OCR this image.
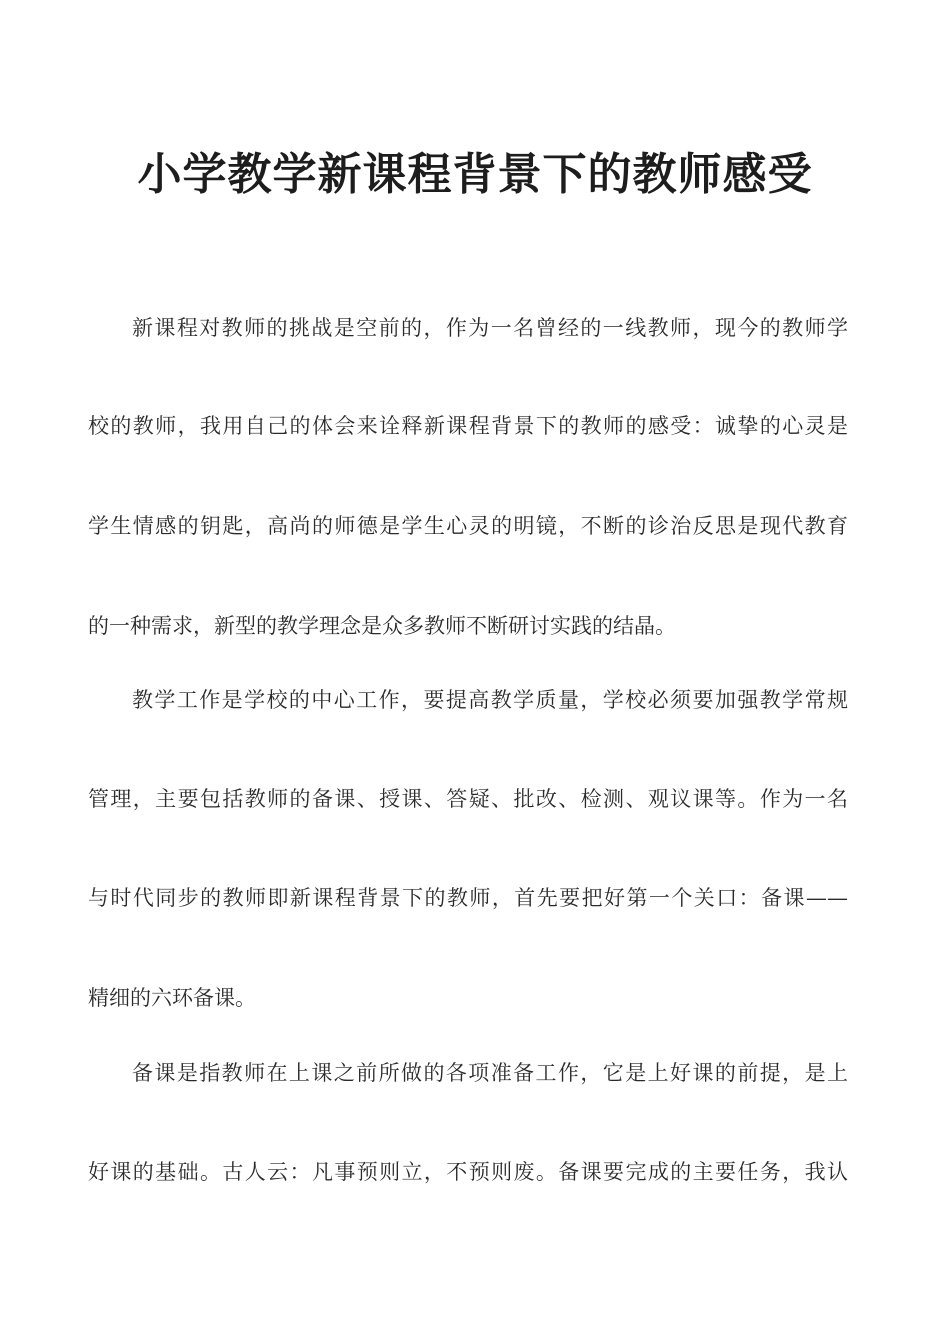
小学教学新课程背景下的教师感受
新课程对教师的挑战是空前的，作为一名曾经的一线教师，现今的教师学
校的教师，我用自己的体会来诠释新课程背景下的教师的感受：诚挚的心灵是
学生情感的钥匙，高尚的师德是学生心灵的明镜，不断的诊治反思是现代教育
的一种需求，新型的教学理念是众多教师不断研讨实践的结晶。
教学工作是学校的中心工作，要提高教学质量，学校必须要加强教学常规
管理，主要包括教师的备课、授课、答疑、批改、检测、观议课等。作为一名
与时代同步的教师即新课程背景下的教师，首先要把好第一个关口：备课——
精细的六环备课。
备课是指教师在上课之前所做的各项准备工作，它是上好课的前提，是上
好课的基础。古人云：凡事预则立，不预则废。备课要完成的主要任务，我认
